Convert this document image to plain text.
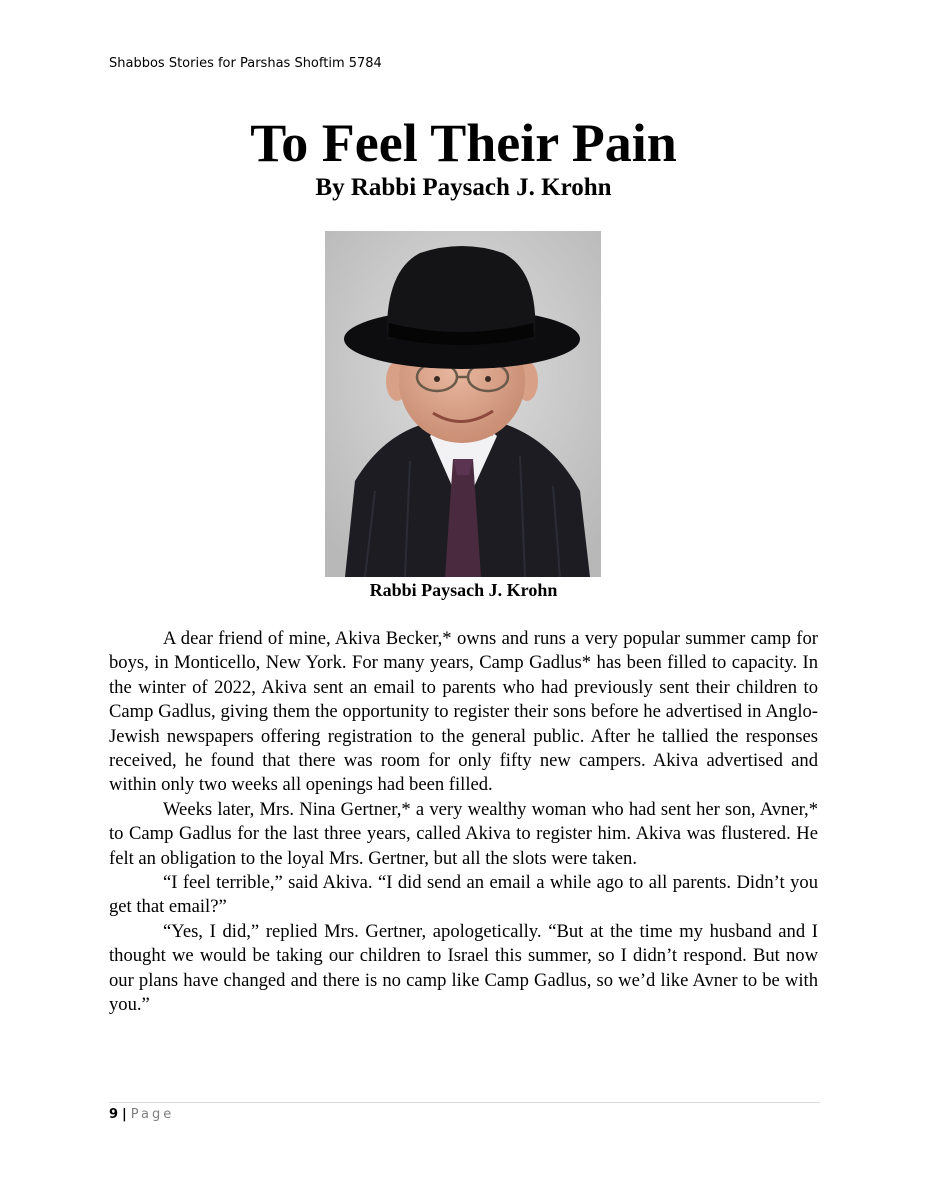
Shabbos Stories for Parshas Shoftim 5784
To Feel Their Pain
By Rabbi Paysach J. Krohn
Rabbi Paysach J. Krohn

A dear friend of mine, Akiva Becker,* owns and runs a very popular summer camp for boys, in Monticello, New York. For many years, Camp Gadlus* has been filled to capacity. In the winter of 2022, Akiva sent an email to parents who had previously sent their children to Camp Gadlus, giving them the opportunity to register their sons before he advertised in Anglo-Jewish newspapers offering registration to the general public. After he tallied the responses received, he found that there was room for only fifty new campers. Akiva advertised and within only two weeks all openings had been filled.

Weeks later, Mrs. Nina Gertner,* a very wealthy woman who had sent her son, Avner,* to Camp Gadlus for the last three years, called Akiva to register him. Akiva was flustered. He felt an obligation to the loyal Mrs. Gertner, but all the slots were taken.

“I feel terrible,” said Akiva. “I did send an email a while ago to all parents. Didn’t you get that email?”

“Yes, I did,” replied Mrs. Gertner, apologetically. “But at the time my husband and I thought we would be taking our children to Israel this summer, so I didn’t respond. But now our plans have changed and there is no camp like Camp Gadlus, so we’d like Avner to be with you.”

9 | Page
